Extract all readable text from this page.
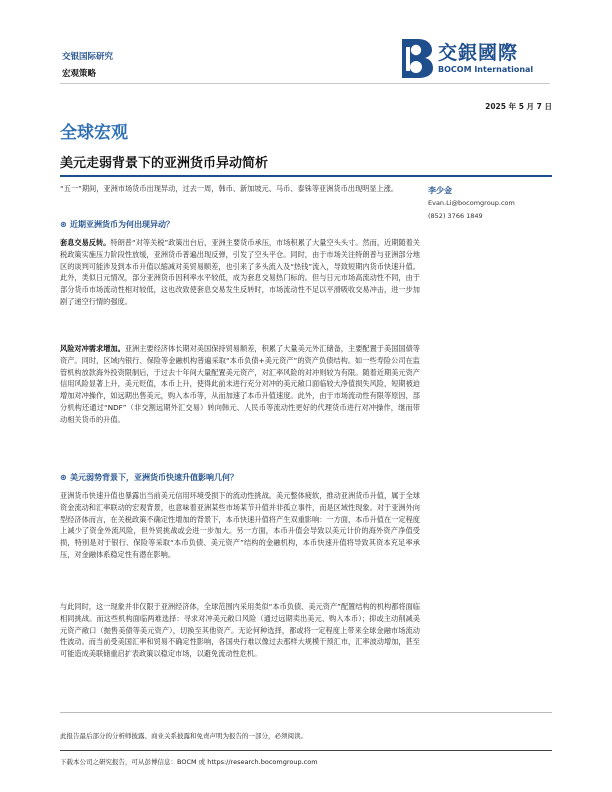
交银国际研究
宏观策略
交銀國際
BOCOM International
2025 年 5 月 7 日
全球宏观
美元走弱背景下的亚洲货币异动简析
李少金
Evan.Li@bocomgroup.com
(852) 3766 1849
“五一”期间，亚洲市场货币出现异动，过去一周，韩币、新加坡元、马币、泰铢等亚洲货币出现明显上涨。
⊛ 近期亚洲货币为何出现异动？
套息交易反转。特朗普“对等关税”政策出台后，亚洲主要货币承压，市场积累了大量空头头寸。然而，近期随着关税政策实施压力阶段性放缓，亚洲货币普遍出现反弹，引发了空头平仓。同时，由于市场关注特朗普与亚洲部分地区的谈判可能涉及到本币升值以缩减对美贸易顺差，也引来了多头流入及“热钱”流入，导致短期内货币快速升值。此外，类似日元情况，部分亚洲货币因利率水平较低，成为套息交易热门标的。但与日元市场高流动性不同，由于部分货币市场流动性相对较低，这也改致使套息交易发生反转时，市场流动性不足以平滑吸收交易冲击，进一步加剧了递空行情的强度。
风险对冲需求增加。亚洲主要经济体长期对美国保持贸易顺差，积累了大量美元外汇储备，主要配置于美国国债等资产。同时，区域内银行、保险等金融机构普遍采取“本币负债+美元资产”的资产负债结构。如一些寿险公司在监管机构放款海外投资限制后，于过去十年间大量配置美元资产，对汇率风险的对冲则较为有限。随着近期美元资产信用风险显著上升，美元贬值，本币上升，使得此前未进行充分对冲的美元敞口面临较大净值损失风险，短期被迫增加对冲操作，如远期出售美元，购入本币等，从而加速了本币升值速度。此外，由于市场流动性有限等原因，部分机构还通过“NDF”（非交割远期外汇交易）转向韩元、人民币等流动性更好的代理货币进行对冲操作，继而带动相关货币的升值。
⊛ 美元弱势背景下，亚洲货币快速升值影响几何？
亚洲货币快速升值也暴露出当前美元信用环境受损下的流动性挑战。美元整体疲软，推动亚洲货币升值，属于全球资金流动和汇率联动的宏观背景，也意味着亚洲某些市场某节升值并非孤立事件，而是区域性现象。对于亚洲外向型经济体而言，在关税政策不确定性增加的背景下，本币快速升值将产生双重影响：一方面，本币升值在一定程度上减少了资金外流风险，但外贸挑战或会进一步加大。另一方面，本币升值会导致以美元计价的海外资产净值受损，特别是对于银行、保险等采取“本币负债、美元资产”结构的金融机构，本币快速升值将导致其资本充足率承压，对金融体系稳定性有潜在影响。
与此同时，这一现象并非仅限于亚洲经济体，全球范围内采用类似“本币负债、美元资产”配置结构的机构都将面临相同挑战。而这些机构面临两难选择：寻求对冲美元敞口风险（通过远期卖出美元、购入本币）；抑或主动削减美元资产敞口（抛售美债等美元资产），切换至其他资产。无论何种选择，都或将一定程度上带来全球金融市场流动性波动。而当前受美国汇率和贸易不确定性影响，各国央行难以像过去那样大规模干预汇市，汇率波动增加，甚至可能造成美联储重启扩表政策以稳定市场，以避免流动性危机。
此报告最后部分的分析师披露、商业关系披露和免责声明为报告的一部分，必须阅读。
下载本公司之研究报告，可从彭博信息：BOCM 或 https://research.bocomgroup.com
